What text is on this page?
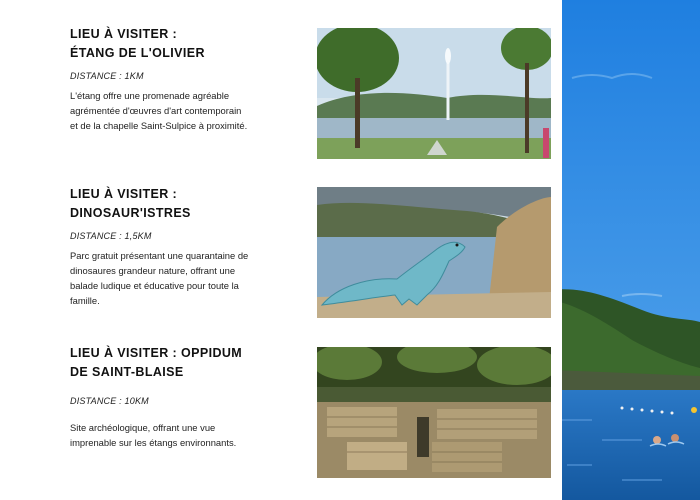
LIEU À VISITER :
ÉTANG DE L'OLIVIER
DISTANCE : 1KM
L'étang offre une promenade agréable agrémentée d'œuvres d'art contemporain et de la chapelle Saint-Sulpice à proximité.
LIEU À VISITER :
DINOSAUR'ISTRES
DISTANCE : 1,5KM
Parc gratuit présentant une quarantaine de dinosaures grandeur nature, offrant une balade ludique et éducative pour toute la famille.
LIEU À VISITER : OPPIDUM
DE SAINT-BLAISE
DISTANCE : 10KM
Site archéologique, offrant une vue imprenable sur les étangs environnants.
